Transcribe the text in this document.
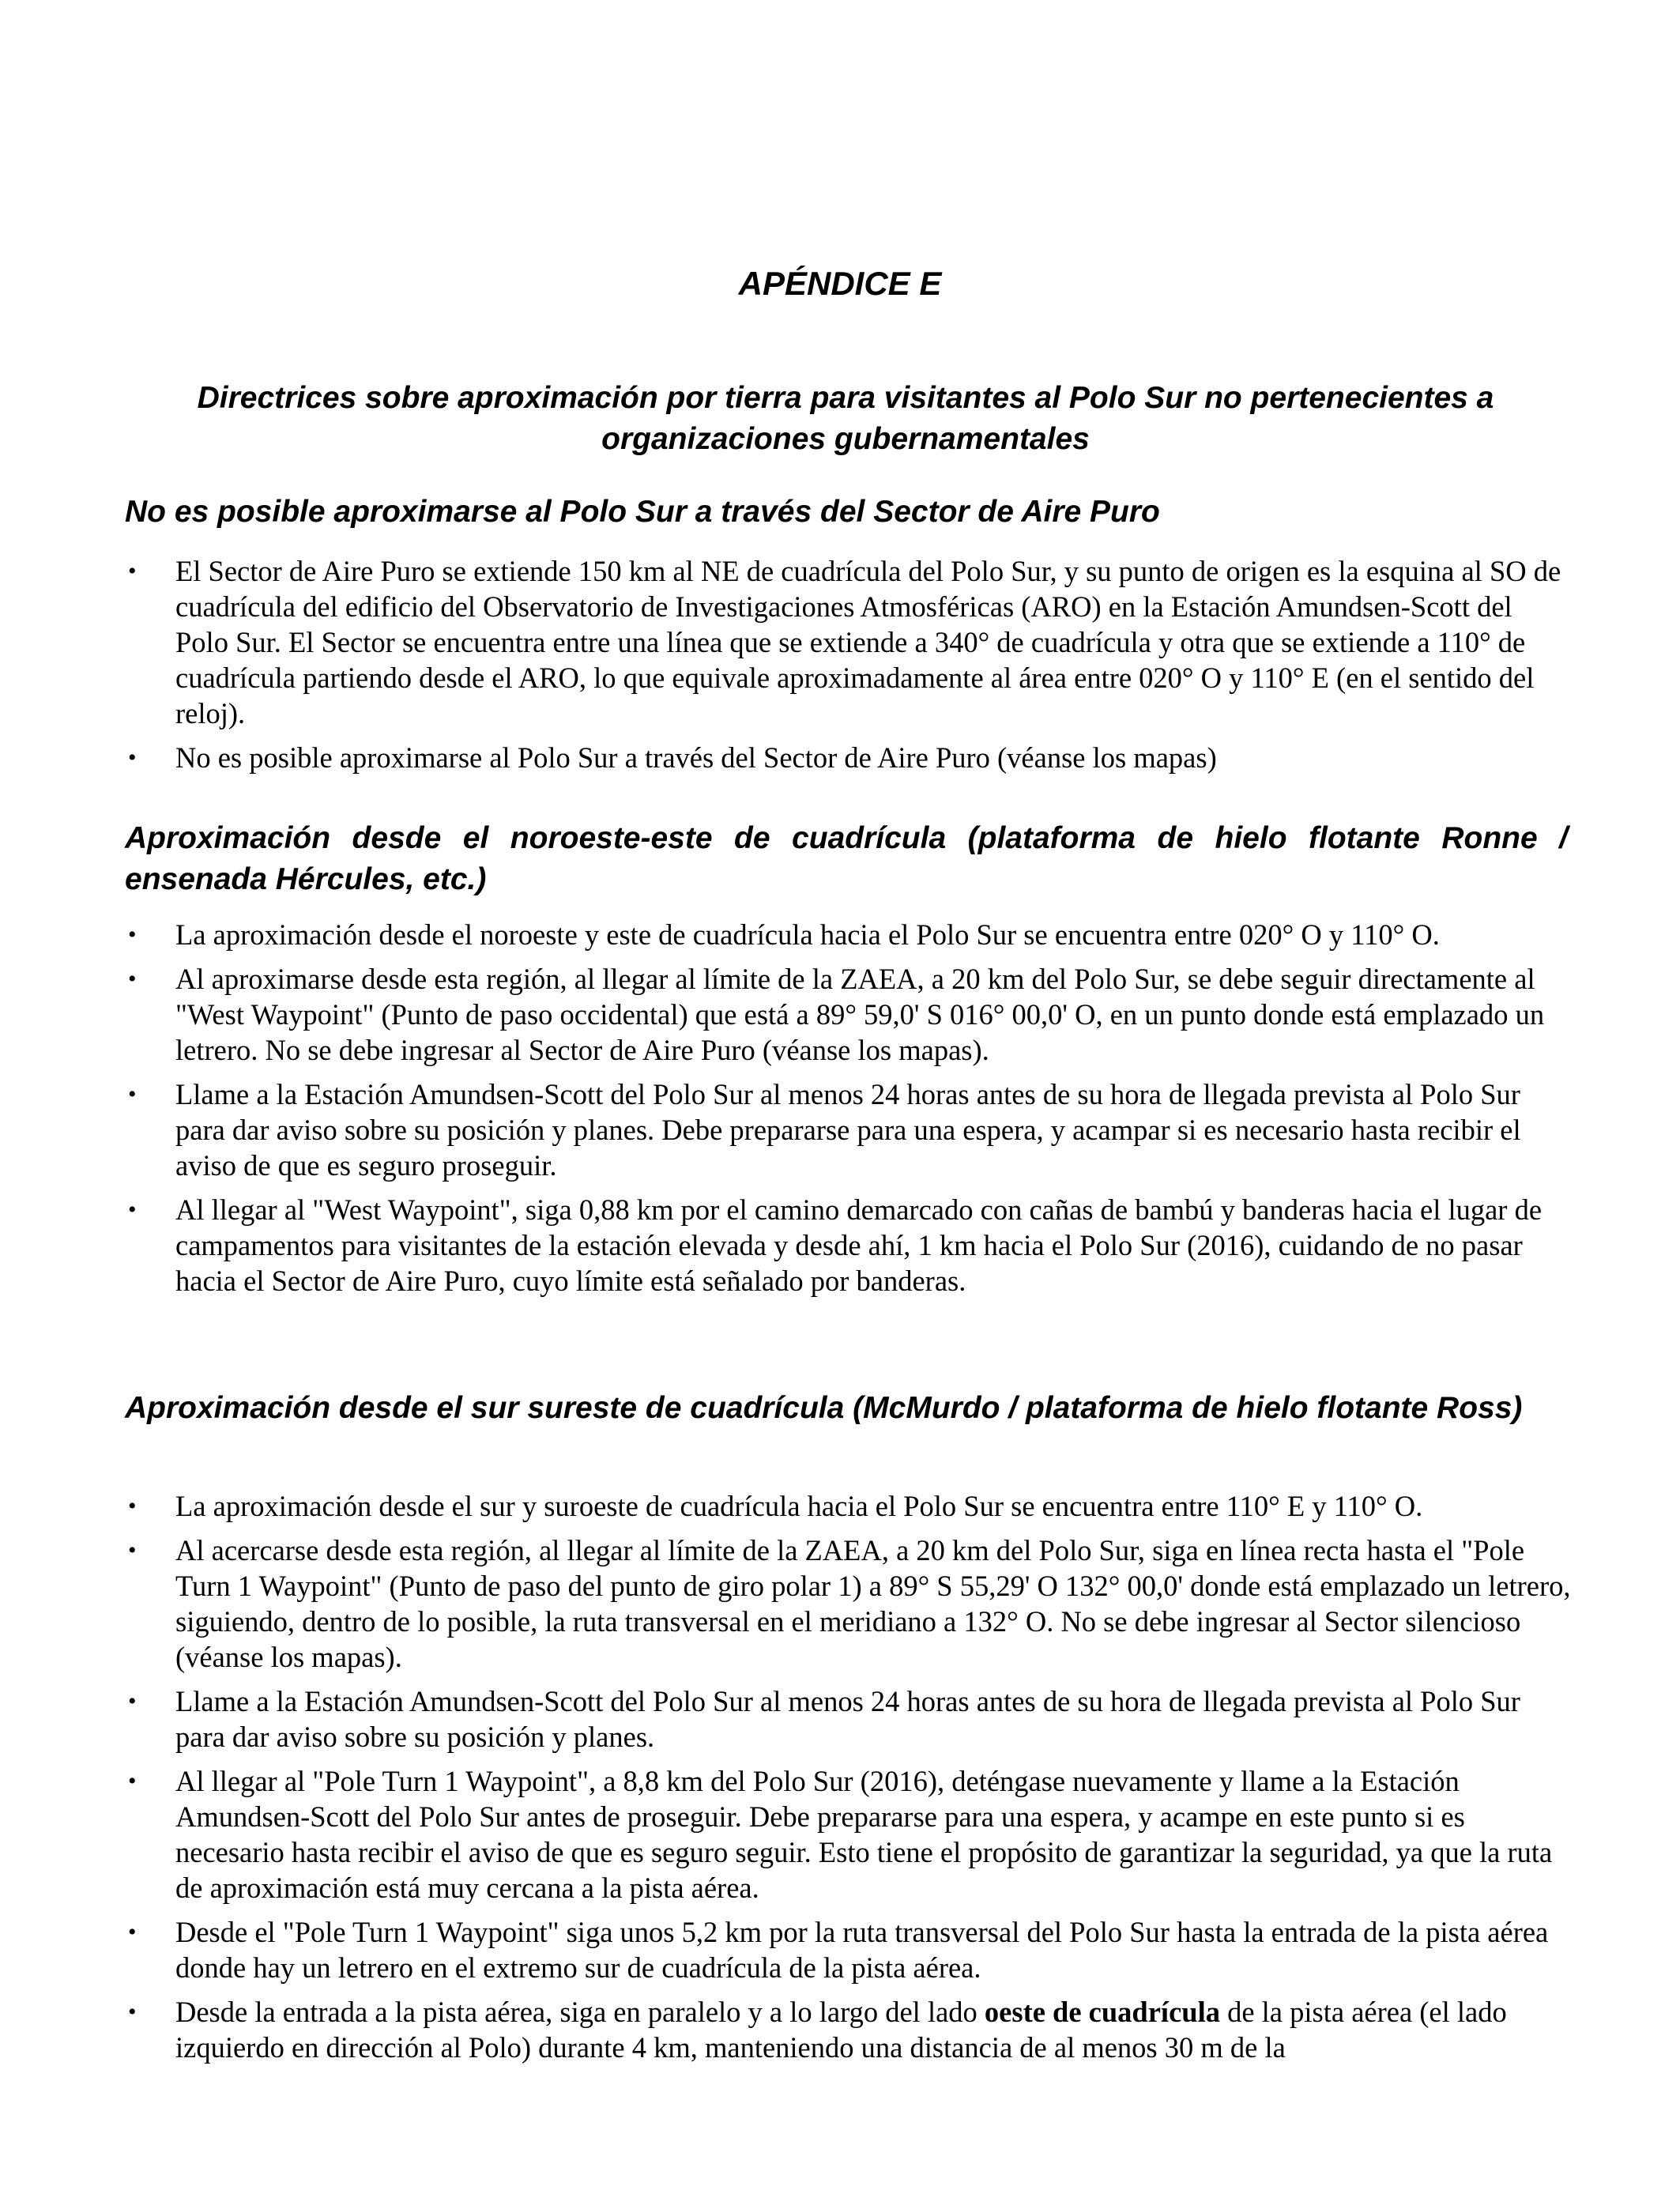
APÉNDICE E
Directrices sobre aproximación por tierra para visitantes al Polo Sur no pertenecientes a organizaciones gubernamentales
No es posible aproximarse al Polo Sur a través del Sector de Aire Puro
• El Sector de Aire Puro se extiende 150 km al NE de cuadrícula del Polo Sur, y su punto de origen es la esquina al SO de cuadrícula del edificio del Observatorio de Investigaciones Atmosféricas (ARO) en la Estación Amundsen-Scott del Polo Sur. El Sector se encuentra entre una línea que se extiende a 340° de cuadrícula y otra que se extiende a 110° de cuadrícula partiendo desde el ARO, lo que equivale aproximadamente al área entre 020° O y 110° E (en el sentido del reloj).
• No es posible aproximarse al Polo Sur a través del Sector de Aire Puro (véanse los mapas)
Aproximación desde el noroeste-este de cuadrícula (plataforma de hielo flotante Ronne / ensenada Hércules, etc.)
• La aproximación desde el noroeste y este de cuadrícula hacia el Polo Sur se encuentra entre 020° O y 110° O.
• Al aproximarse desde esta región, al llegar al límite de la ZAEA, a 20 km del Polo Sur, se debe seguir directamente al "West Waypoint" (Punto de paso occidental) que está a 89° 59,0' S 016° 00,0' O, en un punto donde está emplazado un letrero. No se debe ingresar al Sector de Aire Puro (véanse los mapas).
• Llame a la Estación Amundsen-Scott del Polo Sur al menos 24 horas antes de su hora de llegada prevista al Polo Sur para dar aviso sobre su posición y planes. Debe prepararse para una espera, y acampar si es necesario hasta recibir el aviso de que es seguro proseguir.
• Al llegar al "West Waypoint", siga 0,88 km por el camino demarcado con cañas de bambú y banderas hacia el lugar de campamentos para visitantes de la estación elevada y desde ahí, 1 km hacia el Polo Sur (2016), cuidando de no pasar hacia el Sector de Aire Puro, cuyo límite está señalado por banderas.
Aproximación desde el sur sureste de cuadrícula (McMurdo / plataforma de hielo flotante Ross)
• La aproximación desde el sur y suroeste de cuadrícula hacia el Polo Sur se encuentra entre 110° E y 110° O.
• Al acercarse desde esta región, al llegar al límite de la ZAEA, a 20 km del Polo Sur, siga en línea recta hasta el "Pole Turn 1 Waypoint" (Punto de paso del punto de giro polar 1) a 89° S 55,29' O 132° 00,0' donde está emplazado un letrero, siguiendo, dentro de lo posible, la ruta transversal en el meridiano a 132° O. No se debe ingresar al Sector silencioso (véanse los mapas).
• Llame a la Estación Amundsen-Scott del Polo Sur al menos 24 horas antes de su hora de llegada prevista al Polo Sur para dar aviso sobre su posición y planes.
• Al llegar al "Pole Turn 1 Waypoint", a 8,8 km del Polo Sur (2016), deténgase nuevamente y llame a la Estación Amundsen-Scott del Polo Sur antes de proseguir. Debe prepararse para una espera, y acampe en este punto si es necesario hasta recibir el aviso de que es seguro seguir. Esto tiene el propósito de garantizar la seguridad, ya que la ruta de aproximación está muy cercana a la pista aérea.
• Desde el "Pole Turn 1 Waypoint" siga unos 5,2 km por la ruta transversal del Polo Sur hasta la entrada de la pista aérea donde hay un letrero en el extremo sur de cuadrícula de la pista aérea.
• Desde la entrada a la pista aérea, siga en paralelo y a lo largo del lado oeste de cuadrícula de la pista aérea (el lado izquierdo en dirección al Polo) durante 4 km, manteniendo una distancia de al menos 30 m de la
